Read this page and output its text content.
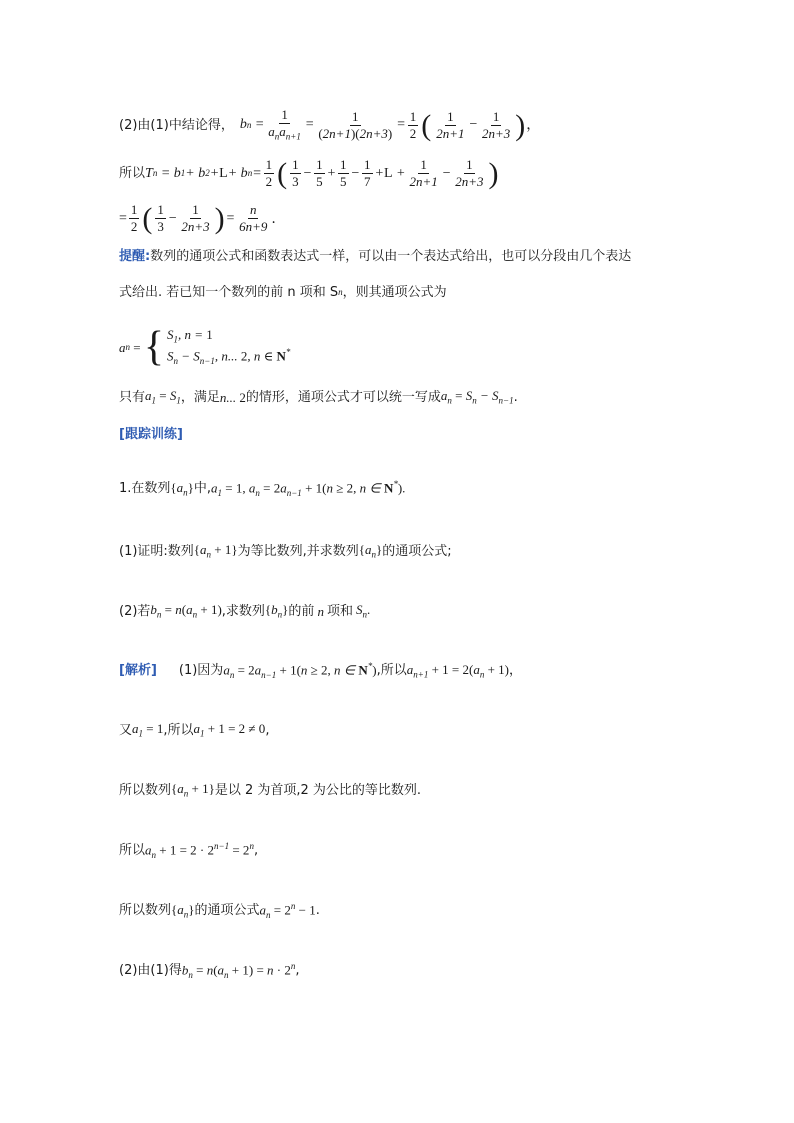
(2)由(1)中结论得， b $n = \frac{1}{a_na_{n+1}} = \frac{1}{(2n+1)(2n+3)} = \frac{1}{2}$ ( $\frac{1}{2n+1} - \frac{1}{2n+3}$ ) ，
所以 T n = b 1 + b 2 + L + b $n = \frac{1}{2}$ ( $\frac{1}{3} - \frac{1}{5} + \frac{1}{5} - \frac{1}{7} + L + \frac{1}{2n+1} - \frac{1}{2n+3}$ )
= $\frac{1}{2}$ ( $\frac{1}{3} - \frac{1}{2n+3}$ ) = $\frac{n}{6n+9}$ .
提醒: 数列的通项公式和函数表达式一样，可以由一个表达式给出，也可以分段由几个表达
式给出. 若已知一个数列的前 n 项和 S n ，则其通项公式为
a n
=
{ $S_1$, n = 1
$S_n - S_{n-1}$, n... 2, n ∈ N*
只有 $a_1 = S_1$ ，满足 n... 2 的情形，通项公式才可以统一写成 $a_n = S_n - S_{n-1}$ .
[跟踪训练]
1.在数列 $\{a_n\}$ 中, $a_1 = 1$, $a_n = 2a_{n-1} + 1(n \ge 2$, n ∈ N*).
(1)证明:数列 $\{a_n + 1\}$ 为等比数列,并求数列 $\{a_n\}$ 的通项公式;
(2)若 $b_n = n(a_n + 1)$ ,求数列 $\{b_n\}$ 的前 n 项和 $S_n$.
[解析] (1)因为 $a_n = 2a_{n-1} + 1(n \ge 2$, n ∈ N*) ,所以 $a_{n+1} + 1 = 2(a_n + 1)$ ，
又 $a_1 = 1$ ,所以 $a_1 + 1 = 2 \ne 0$ ,
所以数列 $\{a_n + 1\}$ 是以 2 为首项,2 为公比的等比数列.
所以 $a_n + 1 = 2 \cdot 2^{n-1} = 2^n$ ,
所以数列 $\{a_n\}$ 的通项公式 $a_n = 2^n - 1$ .
(2)由(1)得 $b_n = n(a_n + 1) = n \cdot 2^n$ ,
